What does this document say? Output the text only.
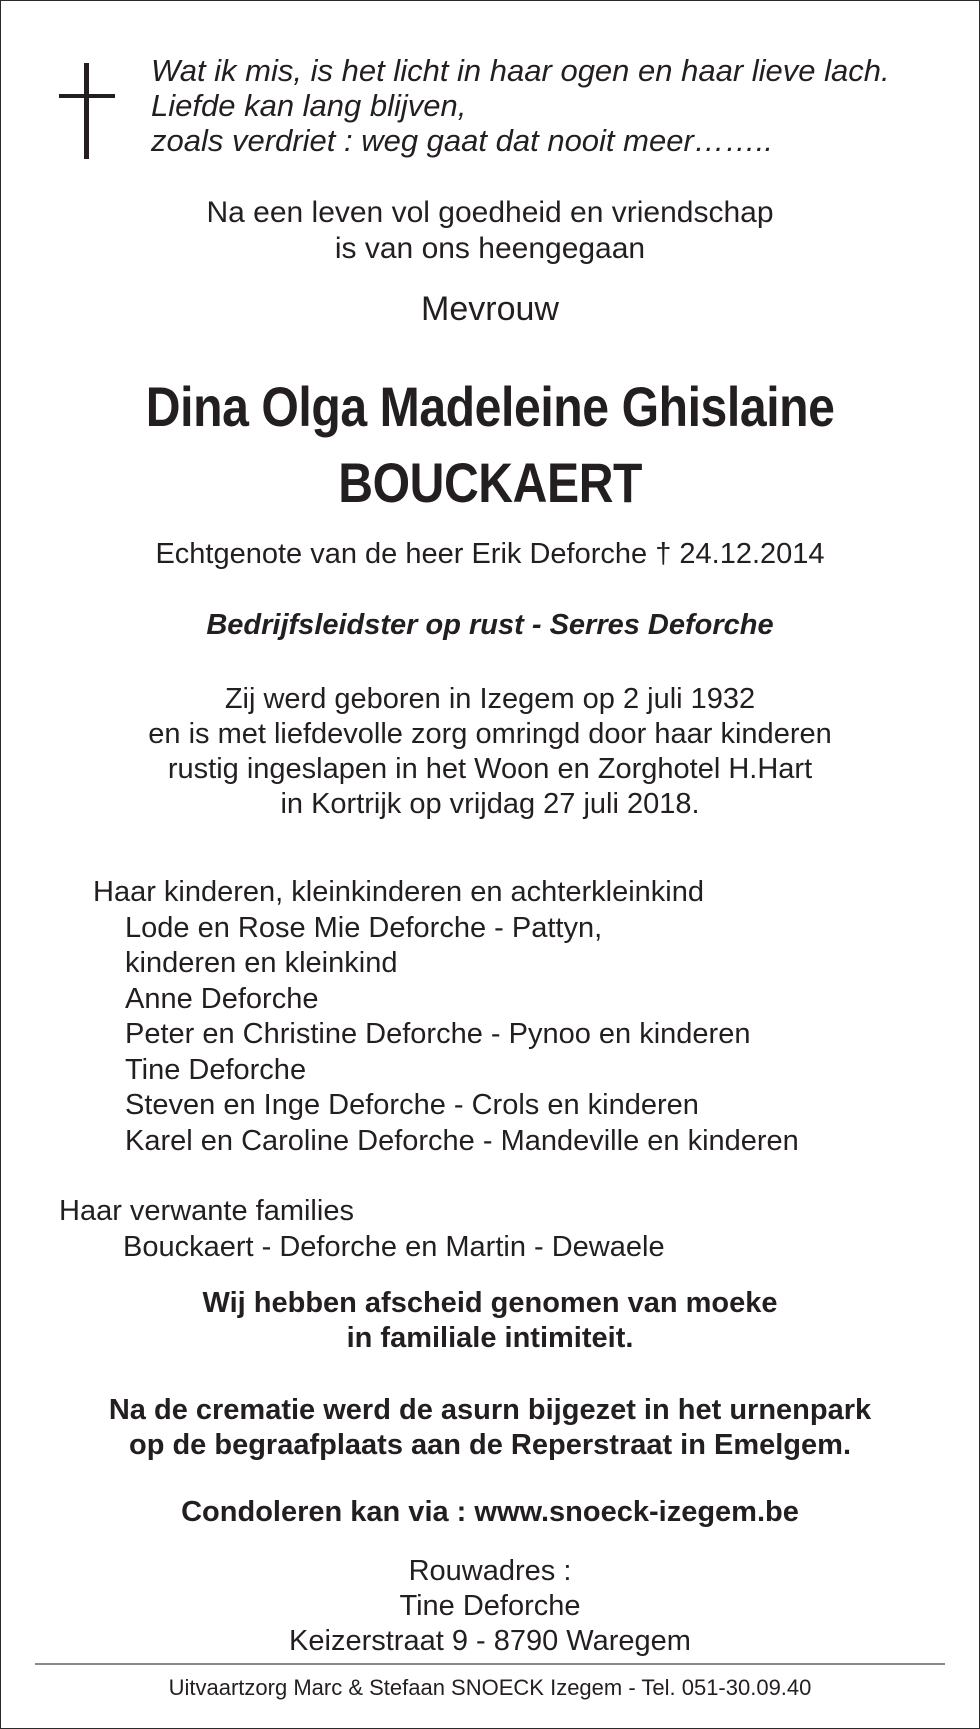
Wat ik mis, is het licht in haar ogen en haar lieve lach.
Liefde kan lang blijven,
zoals verdriet : weg gaat dat nooit meer……..
Na een leven vol goedheid en vriendschap
is van ons heengegaan
Mevrouw
Dina Olga Madeleine Ghislaine
BOUCKAERT
Echtgenote van de heer Erik Deforche † 24.12.2014
Bedrijfsleidster op rust - Serres Deforche
Zij werd geboren in Izegem op 2 juli 1932
en is met liefdevolle zorg omringd door haar kinderen
rustig ingeslapen in het Woon en Zorghotel H.Hart
in Kortrijk op vrijdag 27 juli 2018.
Haar kinderen, kleinkinderen en achterkleinkind
Lode en Rose Mie Deforche - Pattyn,
kinderen en kleinkind
Anne Deforche
Peter en Christine Deforche - Pynoo en kinderen
Tine Deforche
Steven en Inge Deforche - Crols en kinderen
Karel en Caroline Deforche - Mandeville en kinderen
Haar verwante families
Bouckaert - Deforche en Martin - Dewaele
Wij hebben afscheid genomen van moeke
in familiale intimiteit.
Na de crematie werd de asurn bijgezet in het urnenpark
op de begraafplaats aan de Reperstraat in Emelgem.
Condoleren kan via : www.snoeck-izegem.be
Rouwadres :
Tine Deforche
Keizerstraat 9 - 8790 Waregem
Uitvaartzorg Marc & Stefaan SNOECK Izegem - Tel. 051-30.09.40
